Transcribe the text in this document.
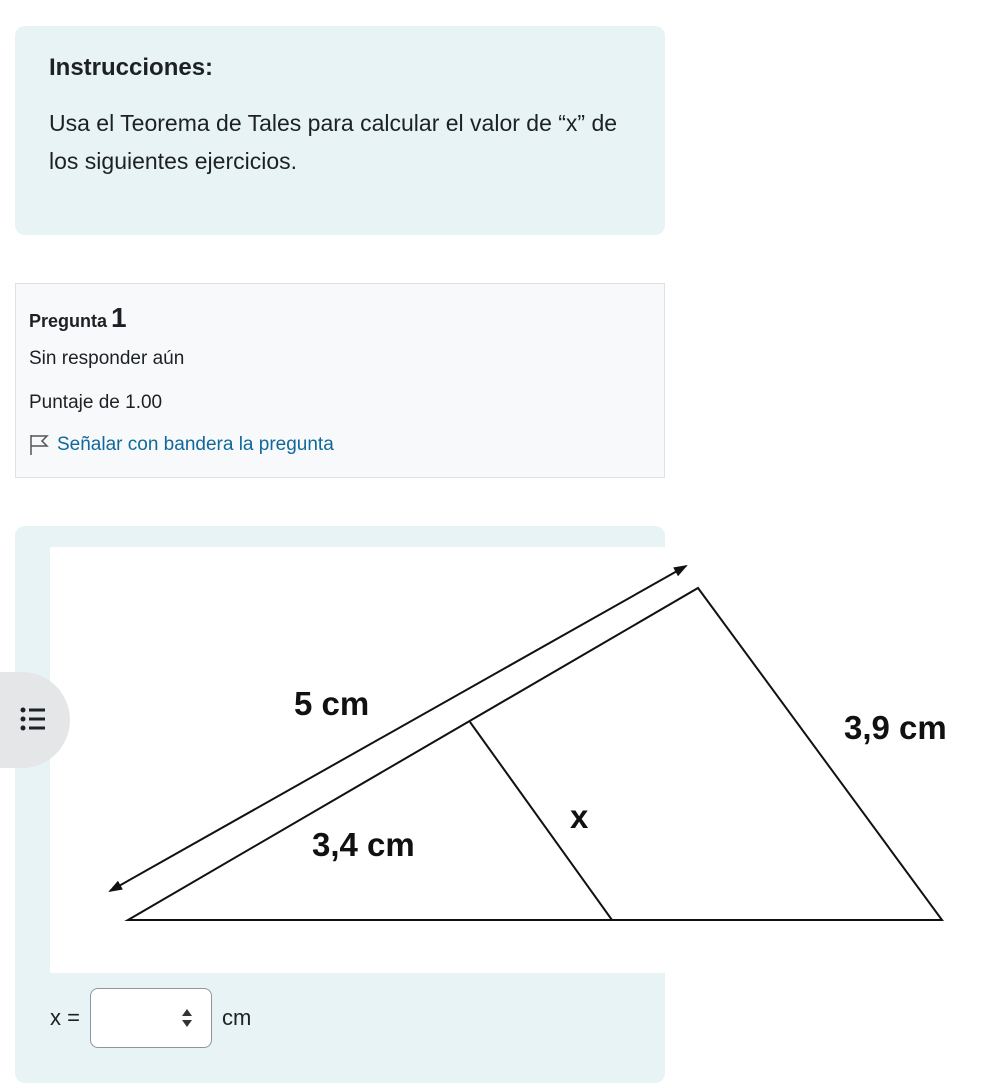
Instrucciones:
Usa el Teorema de Tales para calcular el valor de “x” de los siguientes ejercicios.
Pregunta 1
Sin responder aún
Puntaje de 1.00
Señalar con bandera la pregunta
5 cm
3,9 cm
x
3,4 cm
x =	cm
